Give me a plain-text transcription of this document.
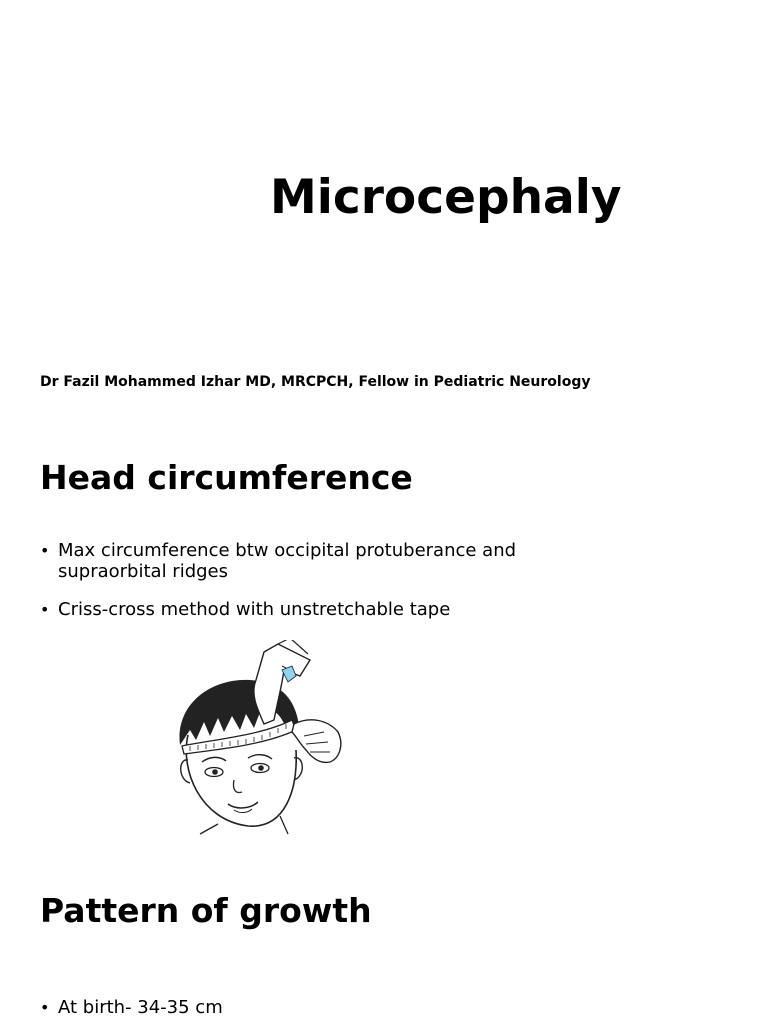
Microcephaly
Dr Fazil Mohammed Izhar MD, MRCPCH, Fellow in Pediatric Neurology
Head circumference
• Max circumference btw occipital protuberance and supraorbital ridges
• Criss-cross method with unstretchable tape
Pattern of growth
• At birth- 34-35 cm
